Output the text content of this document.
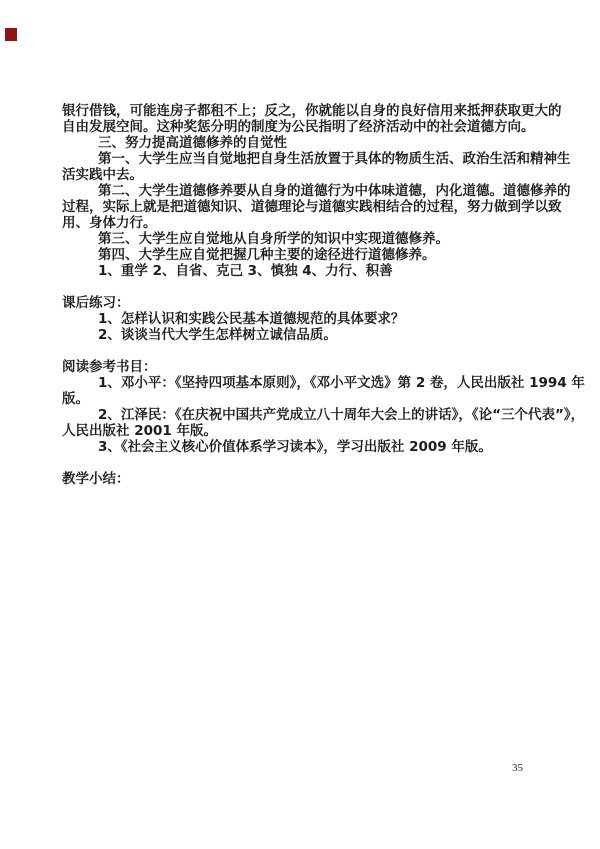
银行借钱，可能连房子都租不上；反之，你就能以自身的良好信用来抵押获取更大的
自由发展空间。这种奖惩分明的制度为公民指明了经济活动中的社会道德方向。
三、努力提高道德修养的自觉性
第一、大学生应当自觉地把自身生活放置于具体的物质生活、政治生活和精神生
活实践中去。
第二、大学生道德修养要从自身的道德行为中体味道德，内化道德。道德修养的
过程，实际上就是把道德知识、道德理论与道德实践相结合的过程，努力做到学以致
用、身体力行。
第三、大学生应自觉地从自身所学的知识中实现道德修养。
第四、大学生应自觉把握几种主要的途径进行道德修养。
1、重学 2、自省、克己 3、慎独 4、力行、积善
课后练习：
1、怎样认识和实践公民基本道德规范的具体要求？
2、谈谈当代大学生怎样树立诚信品质。
阅读参考书目：
1、邓小平：《坚持四项基本原则》，《邓小平文选》第 2 卷，人民出版社 1994 年
版。
2、江泽民：《在庆祝中国共产党成立八十周年大会上的讲话》，《论“三个代表”》，
人民出版社 2001 年版。
3、《社会主义核心价值体系学习读本》，学习出版社 2009 年版。
教学小结：
35
